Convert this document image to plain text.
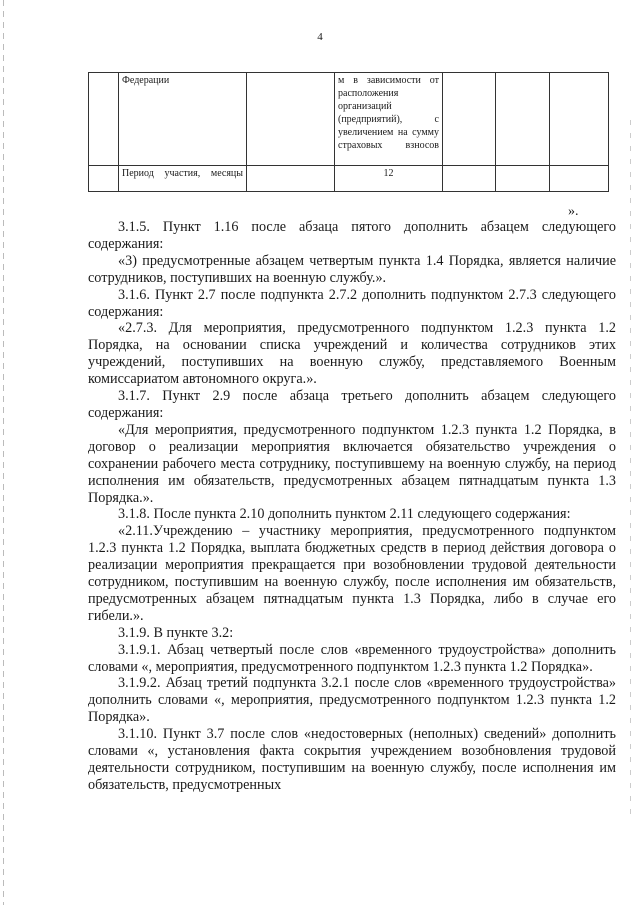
4
	Федерации		м в зависимости от расположения организаций (предприятий), с увеличением на сумму страховых взносов			
	Период участия, месяцы		12			
».

3.1.5. Пункт 1.16 после абзаца пятого дополнить абзацем следующего содержания:

«3) предусмотренные абзацем четвертым пункта 1.4 Порядка, является наличие сотрудников, поступивших на военную службу.».

3.1.6. Пункт 2.7 после подпункта 2.7.2 дополнить подпунктом 2.7.3 следующего содержания:

«2.7.3. Для мероприятия, предусмотренного подпунктом 1.2.3 пункта 1.2 Порядка, на основании списка учреждений и количества сотрудников этих учреждений, поступивших на военную службу, представляемого Военным комиссариатом автономного округа.».

3.1.7. Пункт 2.9 после абзаца третьего дополнить абзацем следующего содержания:

«Для мероприятия, предусмотренного подпунктом 1.2.3 пункта 1.2 Порядка, в договор о реализации мероприятия включается обязательство учреждения о сохранении рабочего места сотруднику, поступившему на военную службу, на период исполнения им обязательств, предусмотренных абзацем пятнадцатым пункта 1.3 Порядка.».

3.1.8. После пункта 2.10 дополнить пунктом 2.11 следующего содержания:

«2.11.Учреждению – участнику мероприятия, предусмотренного подпунктом 1.2.3 пункта 1.2 Порядка, выплата бюджетных средств в период действия договора о реализации мероприятия прекращается при возобновлении трудовой деятельности сотрудником, поступившим на военную службу, после исполнения им обязательств, предусмотренных абзацем пятнадцатым пункта 1.3 Порядка, либо в случае его гибели.».

3.1.9. В пункте 3.2:

3.1.9.1. Абзац четвертый после слов «временного трудоустройства» дополнить словами «, мероприятия, предусмотренного подпунктом 1.2.3 пункта 1.2 Порядка».

3.1.9.2. Абзац третий подпункта 3.2.1 после слов «временного трудоустройства» дополнить словами «, мероприятия, предусмотренного подпунктом 1.2.3 пункта 1.2 Порядка».

3.1.10. Пункт 3.7 после слов «недостоверных (неполных) сведений» дополнить словами «, установления факта сокрытия учреждением возобновления трудовой деятельности сотрудником, поступившим на военную службу, после исполнения им обязательств, предусмотренных
